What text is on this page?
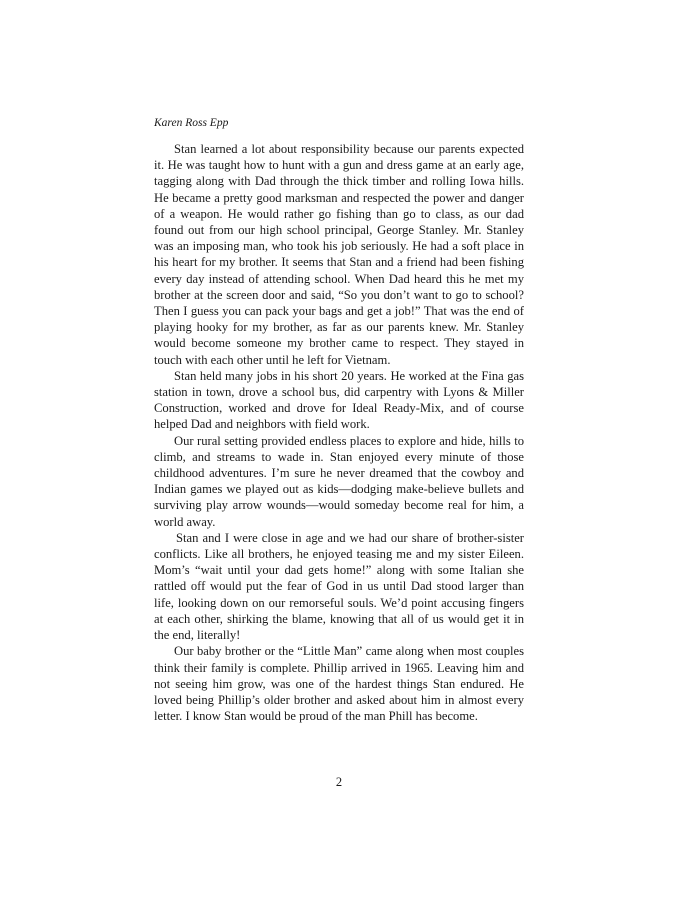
Karen Ross Epp

Stan learned a lot about responsibility because our parents expected it. He was taught how to hunt with a gun and dress game at an early age, tagging along with Dad through the thick timber and rolling Iowa hills. He became a pretty good marksman and respected the power and danger of a weapon. He would rather go fishing than go to class, as our dad found out from our high school principal, George Stanley. Mr. Stanley was an imposing man, who took his job seriously. He had a soft place in his heart for my brother. It seems that Stan and a friend had been fishing every day instead of attending school. When Dad heard this he met my brother at the screen door and said, “So you don’t want to go to school? Then I guess you can pack your bags and get a job!” That was the end of playing hooky for my brother, as far as our parents knew. Mr. Stanley would become someone my brother came to respect. They stayed in touch with each other until he left for Vietnam.

Stan held many jobs in his short 20 years. He worked at the Fina gas station in town, drove a school bus, did carpentry with Lyons & Miller Construction, worked and drove for Ideal Ready-Mix, and of course helped Dad and neighbors with field work.

Our rural setting provided endless places to explore and hide, hills to climb, and streams to wade in. Stan enjoyed every minute of those childhood adventures. I’m sure he never dreamed that the cowboy and Indian games we played out as kids—dodging make-believe bullets and surviving play arrow wounds—would someday become real for him, a world away.

Stan and I were close in age and we had our share of brother-sister conflicts. Like all brothers, he enjoyed teasing me and my sister Eileen. Mom’s “wait until your dad gets home!” along with some Italian she rattled off would put the fear of God in us until Dad stood larger than life, looking down on our remorseful souls. We’d point accusing fingers at each other, shirking the blame, knowing that all of us would get it in the end, literally!

Our baby brother or the “Little Man” came along when most couples think their family is complete. Phillip arrived in 1965. Leaving him and not seeing him grow, was one of the hardest things Stan endured. He loved being Phillip’s older brother and asked about him in almost every letter. I know Stan would be proud of the man Phill has become.

2
